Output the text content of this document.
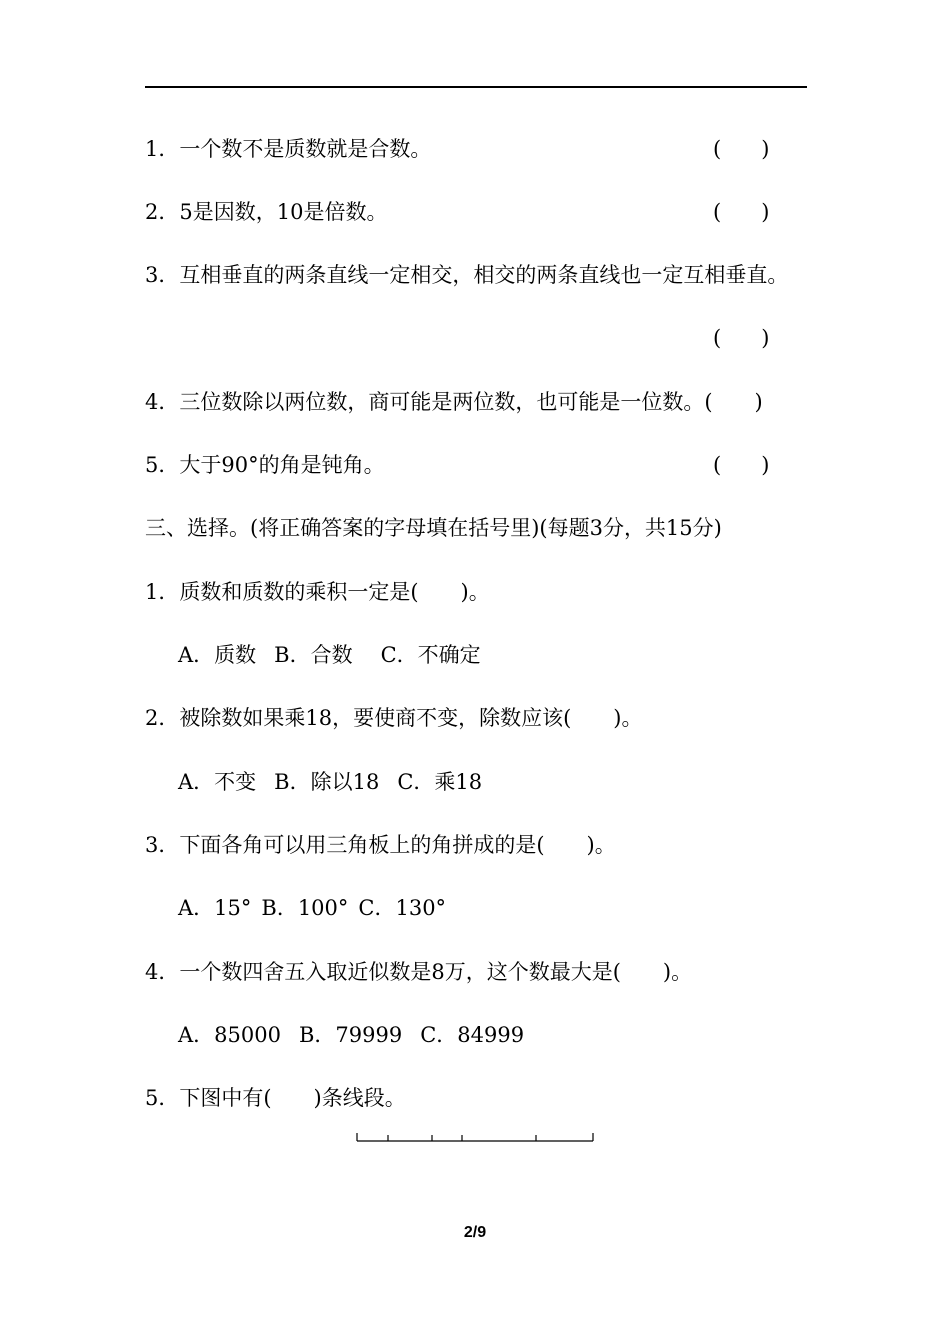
1．一个数不是质数就是合数。	( )
2．5是因数，10是倍数。	( )
3．互相垂直的两条直线一定相交，相交的两条直线也一定互相垂直。
( )
4．三位数除以两位数，商可能是两位数，也可能是一位数。(　　)
5．大于90°的角是钝角。	( )
三、选择。(将正确答案的字母填在括号里)(每题3分，共15分)
1．质数和质数的乘积一定是(　　)。
A．质数 B．合数 C．不确定
2．被除数如果乘18，要使商不变，除数应该(　　)。
A．不变 B．除以18 C．乘18
3．下面各角可以用三角板上的角拼成的是(　　)。
A．15° B．100° C．130°
4．一个数四舍五入取近似数是8万，这个数最大是(　　)。
A．85000 B．79999 C．84999
5．下图中有(　　)条线段。
2/9
